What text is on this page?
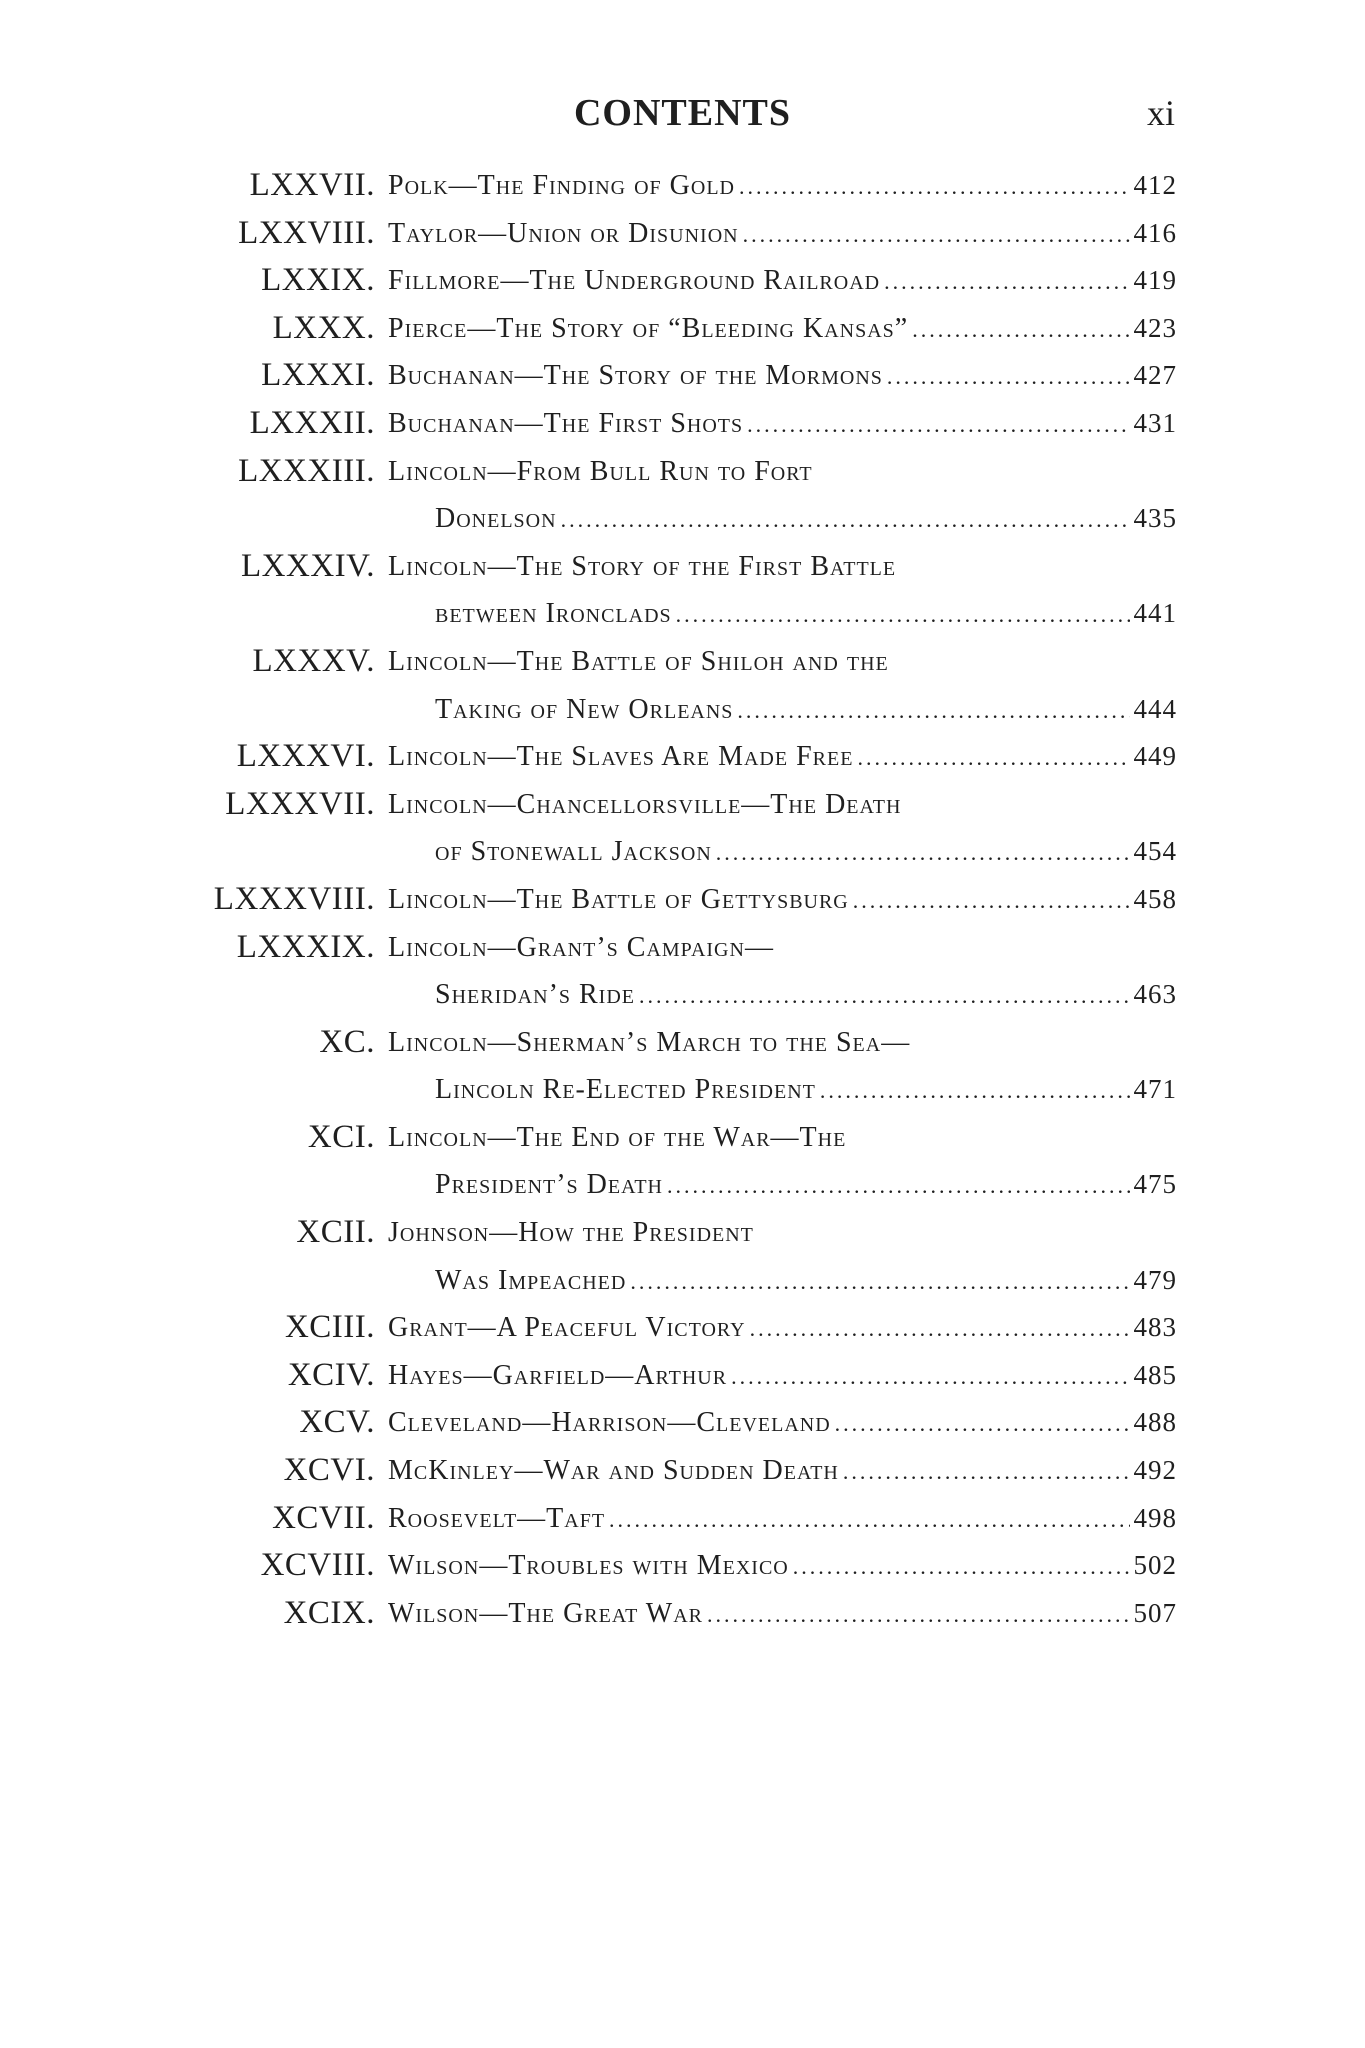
CONTENTS	xi
LXXVII. Polk—The Finding of Gold .....	412
LXXVIII. Taylor—Union or Disunion .....	416
LXXIX. Fillmore—The Underground Railroad .....	419
LXXX. Pierce—The Story of “Bleeding Kansas” .....	423
LXXXI. Buchanan—The Story of the Mormons .....	427
LXXXII. Buchanan—The First Shots .....	431
LXXXIII. Lincoln—From Bull Run to Fort
Donelson .....	435
LXXXIV. Lincoln—The Story of the First Battle
between Ironclads .....	441
LXXXV. Lincoln—The Battle of Shiloh and the
Taking of New Orleans .....	444
LXXXVI. Lincoln—The Slaves Are Made Free .....	449
LXXXVII. Lincoln—Chancellorsville—The Death
of Stonewall Jackson .....	454
LXXXVIII. Lincoln—The Battle of Gettysburg .....	458
LXXXIX. Lincoln—Grant’s Campaign—
Sheridan’s Ride .....	463
XC. Lincoln—Sherman’s March to the Sea—
Lincoln Re-Elected President .....	471
XCI. Lincoln—The End of the War—The
President’s Death .....	475
XCII. Johnson—How the President
Was Impeached .....	479
XCIII. Grant—A Peaceful Victory .....	483
XCIV. Hayes—Garfield—Arthur .....	485
XCV. Cleveland—Harrison—Cleveland .....	488
XCVI. McKinley—War and Sudden Death .....	492
XCVII. Roosevelt—Taft .....	498
XCVIII. Wilson—Troubles with Mexico .....	502
XCIX. Wilson—The Great War .....	507
